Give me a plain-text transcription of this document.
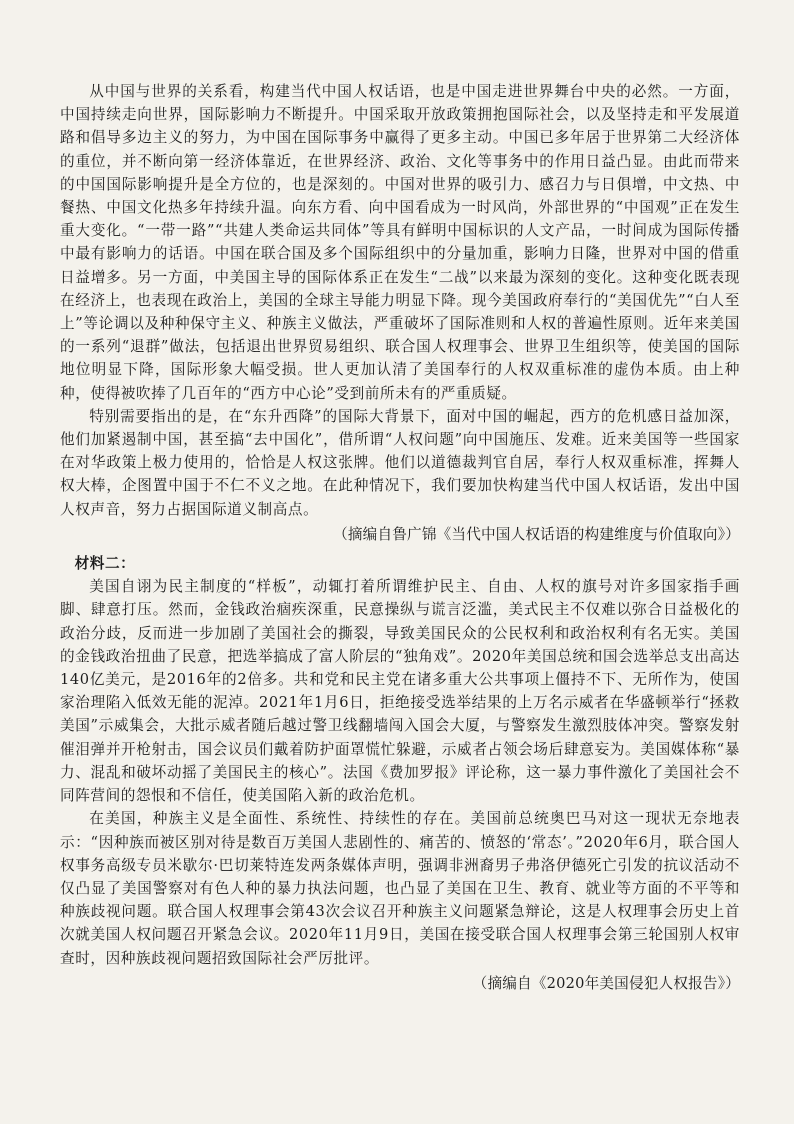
从中国与世界的关系看，构建当代中国人权话语，也是中国走进世界舞台中央的必然。一方面，中国持续走向世界，国际影响力不断提升。中国采取开放政策拥抱国际社会，以及坚持走和平发展道路和倡导多边主义的努力，为中国在国际事务中赢得了更多主动。中国已多年居于世界第二大经济体的重位，并不断向第一经济体靠近，在世界经济、政治、文化等事务中的作用日益凸显。由此而带来的中国国际影响提升是全方位的，也是深刻的。中国对世界的吸引力、感召力与日俱增，中文热、中餐热、中国文化热多年持续升温。向东方看、向中国看成为一时风尚，外部世界的“中国观”正在发生重大变化。“一带一路”“共建人类命运共同体”等具有鲜明中国标识的人文产品，一时间成为国际传播中最有影响力的话语。中国在联合国及多个国际组织中的分量加重，影响力日隆，世界对中国的借重日益增多。另一方面，中美国主导的国际体系正在发生“二战”以来最为深刻的变化。这种变化既表现在经济上，也表现在政治上，美国的全球主导能力明显下降。现今美国政府奉行的“美国优先”“白人至上”等论调以及种种保守主义、种族主义做法，严重破坏了国际准则和人权的普遍性原则。近年来美国的一系列“退群”做法，包括退出世界贸易组织、联合国人权理事会、世界卫生组织等，使美国的国际地位明显下降，国际形象大幅受损。世人更加认清了美国奉行的人权双重标准的虚伪本质。由上种种，使得被吹捧了几百年的“西方中心论”受到前所未有的严重质疑。

特别需要指出的是，在“东升西降”的国际大背景下，面对中国的崛起，西方的危机感日益加深，他们加紧遏制中国，甚至搞“去中国化”，借所谓“人权问题”向中国施压、发难。近来美国等一些国家在对华政策上极力使用的，恰恰是人权这张牌。他们以道德裁判官自居，奉行人权双重标准，挥舞人权大棒，企图置中国于不仁不义之地。在此种情况下，我们要加快构建当代中国人权话语，发出中国人权声音，努力占据国际道义制高点。

（摘编自鲁广锦《当代中国人权话语的构建维度与价值取向》）

材料二：

美国自诩为民主制度的“样板”，动辄打着所谓维护民主、自由、人权的旗号对许多国家指手画脚、肆意打压。然而，金钱政治痼疾深重，民意操纵与谎言泛滥，美式民主不仅难以弥合日益极化的政治分歧，反而进一步加剧了美国社会的撕裂，导致美国民众的公民权利和政治权利有名无实。美国的金钱政治扭曲了民意，把选举搞成了富人阶层的“独角戏”。2020年美国总统和国会选举总支出高达140亿美元，是2016年的2倍多。共和党和民主党在诸多重大公共事项上僵持不下、无所作为，使国家治理陷入低效无能的泥淖。2021年1月6日，拒绝接受选举结果的上万名示威者在华盛顿举行“拯救美国”示威集会，大批示威者随后越过警卫线翻墙闯入国会大厦，与警察发生激烈肢体冲突。警察发射催泪弹并开枪射击，国会议员们戴着防护面罩慌忙躲避，示威者占领会场后肆意妄为。美国媒体称“暴力、混乱和破坏动摇了美国民主的核心”。法国《费加罗报》评论称，这一暴力事件激化了美国社会不同阵营间的怨恨和不信任，使美国陷入新的政治危机。

在美国，种族主义是全面性、系统性、持续性的存在。美国前总统奥巴马对这一现状无奈地表示：“因种族而被区别对待是数百万美国人悲剧性的、痛苦的、愤怒的‘常态’。”2020年6月，联合国人权事务高级专员米歇尔·巴切莱特连发两条媒体声明，强调非洲裔男子弗洛伊德死亡引发的抗议活动不仅凸显了美国警察对有色人种的暴力执法问题，也凸显了美国在卫生、教育、就业等方面的不平等和种族歧视问题。联合国人权理事会第43次会议召开种族主义问题紧急辩论，这是人权理事会历史上首次就美国人权问题召开紧急会议。2020年11月9日，美国在接受联合国人权理事会第三轮国别人权审查时，因种族歧视问题招致国际社会严厉批评。

（摘编自《2020年美国侵犯人权报告》）
